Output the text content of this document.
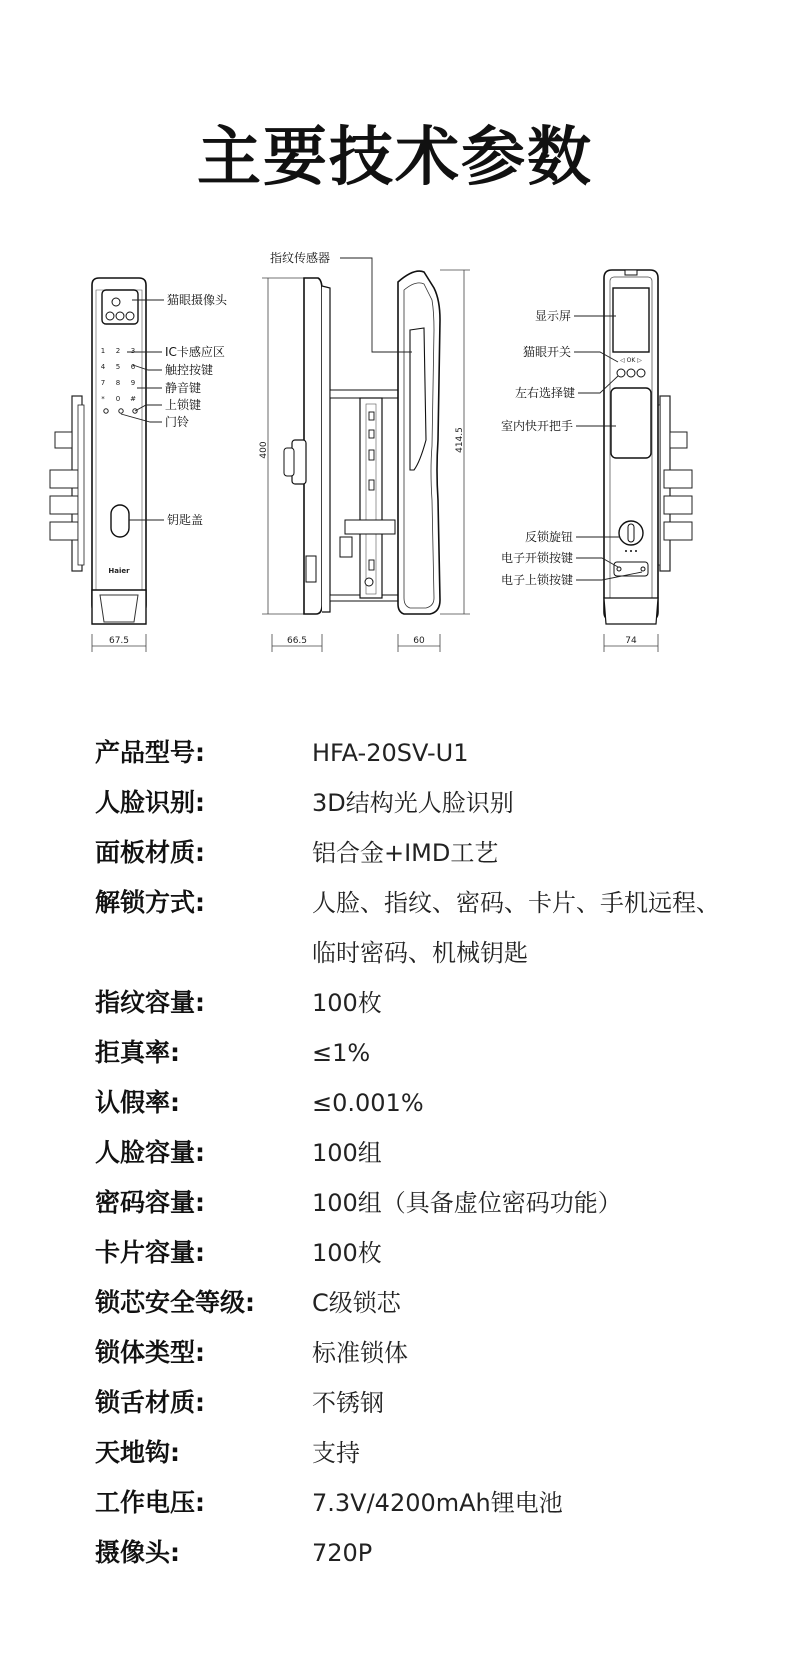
主要技术参数
1 2 3
4 5 6
7 8 9
* 0 #
Haier
猫眼摄像头
IC卡感应区
触控按键
静音键
上锁键
门铃
钥匙盖
67.5
400
指纹传感器
414.5
66.5	60
◁ OK ▷
显示屏
猫眼开关
左右选择键
室内快开把手
反锁旋钮
电子开锁按键
电子上锁按键
74
产品型号:	HFA-20SV-U1
人脸识别:	3D结构光人脸识别
面板材质:	铝合金+IMD工艺
解锁方式:	人脸、指纹、密码、卡片、手机远程、
临时密码、机械钥匙
指纹容量:	100枚
拒真率:	≤1%
认假率:	≤0.001%
人脸容量:	100组
密码容量:	100组（具备虚位密码功能）
卡片容量:	100枚
锁芯安全等级:	C级锁芯
锁体类型:	标准锁体
锁舌材质:	不锈钢
天地钩:	支持
工作电压:	7.3V/4200mAh锂电池
摄像头:	720P
